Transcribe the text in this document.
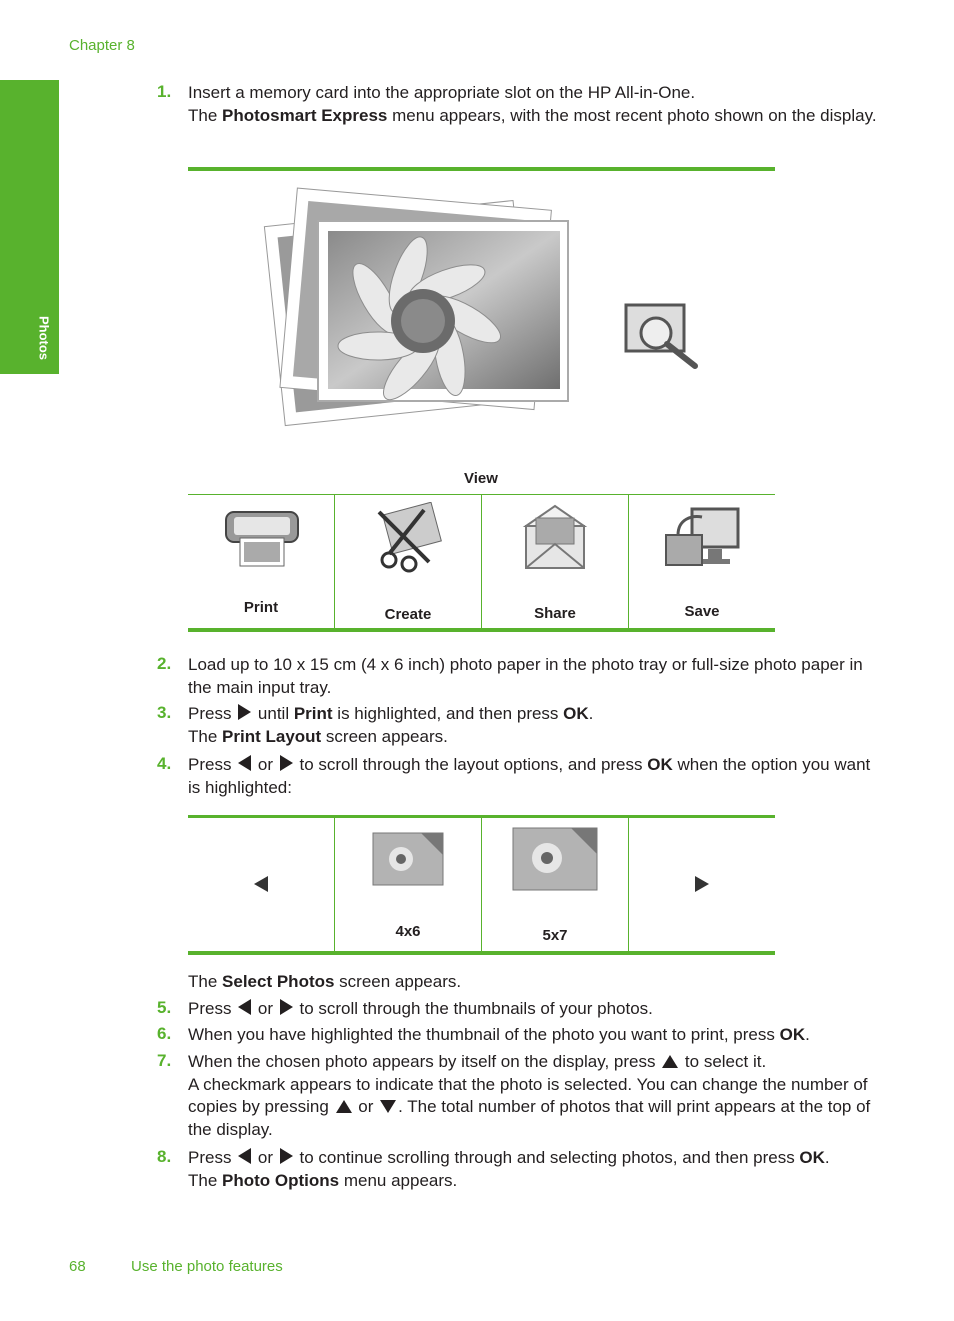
Chapter 8
Photos
1. Insert a memory card into the appropriate slot on the HP All-in-One.
The Photosmart Express menu appears, with the most recent photo shown on the display.
View
Print	Create	Share	Save
2. Load up to 10 x 15 cm (4 x 6 inch) photo paper in the photo tray or full-size photo paper in the main input tray.
3. Press  until Print is highlighted, and then press OK.
The Print Layout screen appears.
4. Press  or  to scroll through the layout options, and press OK when the option you want is highlighted:
4x6	5x7
The Select Photos screen appears.
5. Press  or  to scroll through the thumbnails of your photos.
6. When you have highlighted the thumbnail of the photo you want to print, press OK.
7. When the chosen photo appears by itself on the display, press  to select it.
A checkmark appears to indicate that the photo is selected. You can change the number of copies by pressing  or . The total number of photos that will print appears at the top of the display.
8. Press  or  to continue scrolling through and selecting photos, and then press OK.
The Photo Options menu appears.
68	Use the photo features
